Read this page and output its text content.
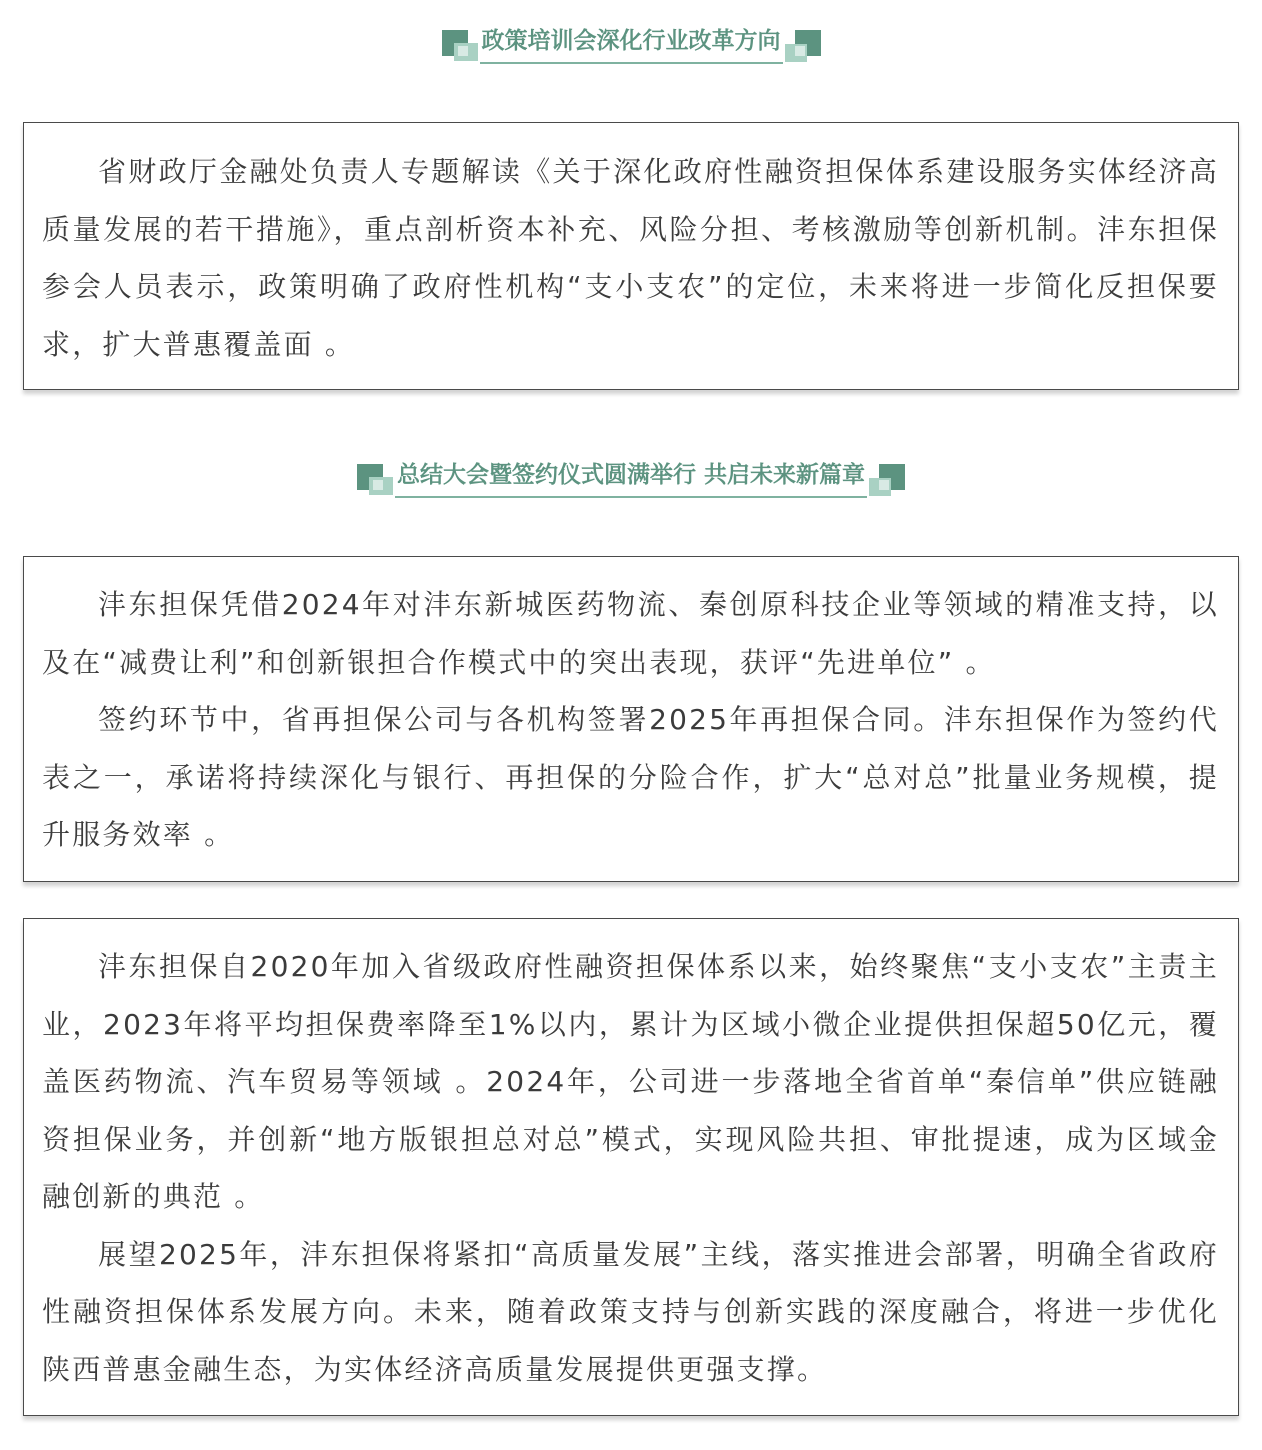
政策培训会深化行业改革方向

省财政厅金融处负责人专题解读《关于深化政府性融资担保体系建设服务实体经济高质量发展的若干措施》，重点剖析资本补充、风险分担、考核激励等创新机制。沣东担保参会人员表示，政策明确了政府性机构“支小支农”的定位，未来将进一步简化反担保要求，扩大普惠覆盖面 。

总结大会暨签约仪式圆满举行 共启未来新篇章

沣东担保凭借2024年对沣东新城医药物流、秦创原科技企业等领域的精准支持，以及在“减费让利”和创新银担合作模式中的突出表现，获评“先进单位” 。

签约环节中，省再担保公司与各机构签署2025年再担保合同。沣东担保作为签约代表之一，承诺将持续深化与银行、再担保的分险合作，扩大“总对总”批量业务规模，提升服务效率 。

沣东担保自2020年加入省级政府性融资担保体系以来，始终聚焦“支小支农”主责主业，2023年将平均担保费率降至1%以内，累计为区域小微企业提供担保超50亿元，覆盖医药物流、汽车贸易等领域 。2024年，公司进一步落地全省首单“秦信单”供应链融资担保业务，并创新“地方版银担总对总”模式，实现风险共担、审批提速，成为区域金融创新的典范 。

展望2025年，沣东担保将紧扣“高质量发展”主线，落实推进会部署，明确全省政府性融资担保体系发展方向。未来，随着政策支持与创新实践的深度融合，将进一步优化陕西普惠金融生态，为实体经济高质量发展提供更强支撑。
